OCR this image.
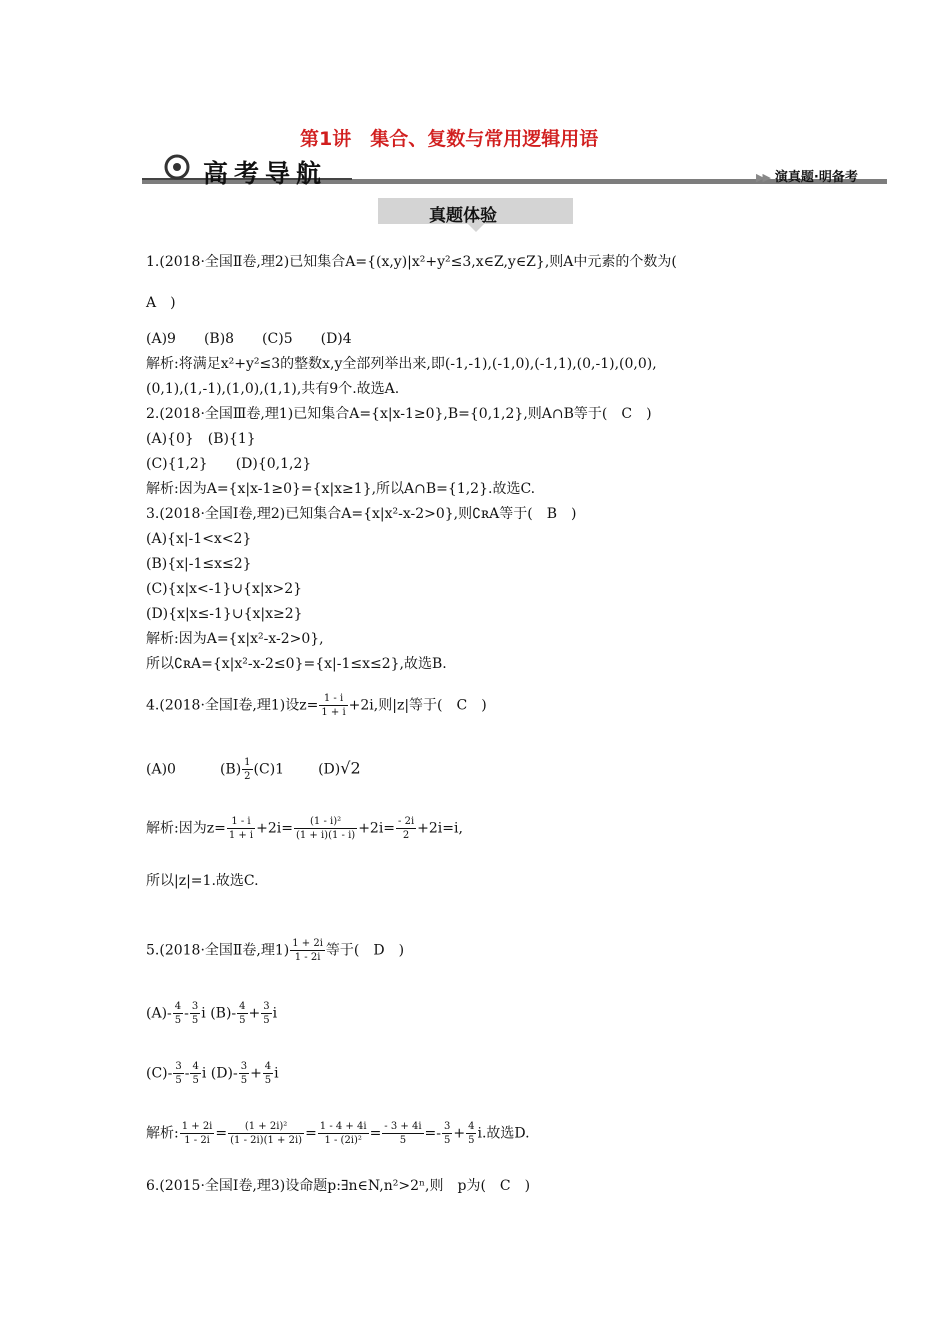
第1讲　集合、复数与常用逻辑用语
高考导航	▶▶ 演真题·明备考
真题体验
1.(2018·全国Ⅱ卷,理2)已知集合A={(x,y)|x²+y²≤3,x∈Z,y∈Z},则A中元素的个数为(
A　)
(A)9　　(B)8　　(C)5　　(D)4
解析:将满足x²+y²≤3的整数x,y全部列举出来,即(-1,-1),(-1,0),(-1,1),(0,-1),(0,0),
(0,1),(1,-1),(1,0),(1,1),共有9个.故选A.
2.(2018·全国Ⅲ卷,理1)已知集合A={x|x-1≥0},B={0,1,2},则A∩B等于(　C　)
(A){0}　(B){1}
(C){1,2}　　(D){0,1,2}
解析:因为A={x|x-1≥0}={x|x≥1},所以A∩B={1,2}.故选C.
3.(2018·全国Ⅰ卷,理2)已知集合A={x|x²-x-2>0},则∁ʀA等于(　B　)
(A){x|-1<x<2}
(B){x|-1≤x≤2}
(C){x|x<-1}∪{x|x>2}
(D){x|x≤-1}∪{x|x≥2}
解析:因为A={x|x²-x-2>0},
所以∁ʀA={x|x²-x-2≤0}={x|-1≤x≤2},故选B.
4.(2018·全国Ⅰ卷,理1)设$z= \frac{1 - i}{1 + i} +2i$,则|z|等于(　C　)
(A)0	$(B) \frac{1}{2} (C)1$ (D)√2
解析:因为$z= \frac{1 - i}{1 + i} +2i= \frac{\text{(1 - i)²}}{(1 + i)(1 - i)} +2i= \frac{- 2i}{2} +2i=i$,
所以|z|=1.故选C.
5.(2018·全国Ⅱ卷,理$1) \frac{1 + 2i}{1 - 2i}$ 等于(　D　)
$(A)- \frac{4}{5} - \frac{3}{5}$ i $(B)- \frac{4}{5} + \frac{3}{5}$ i
$(C)- \frac{3}{5} - \frac{4}{5}$ i $(D)- \frac{3}{5} + \frac{4}{5}$ i
解析: $\frac{1 + 2i}{1 - 2i} = \frac{\text{(1 + 2i)²}}{(1 - 2i)(1 + 2i)} = \frac{1 - 4 + 4i}{\text{1 - (2i)²}} = \frac{- 3 + 4i}{5} =- \frac{3}{5} + \frac{4}{5} i$.故选D.
6.(2015·全国Ⅰ卷,理3)设命题p:∃n∈N,n²>2ⁿ,则　p为(　C　)
